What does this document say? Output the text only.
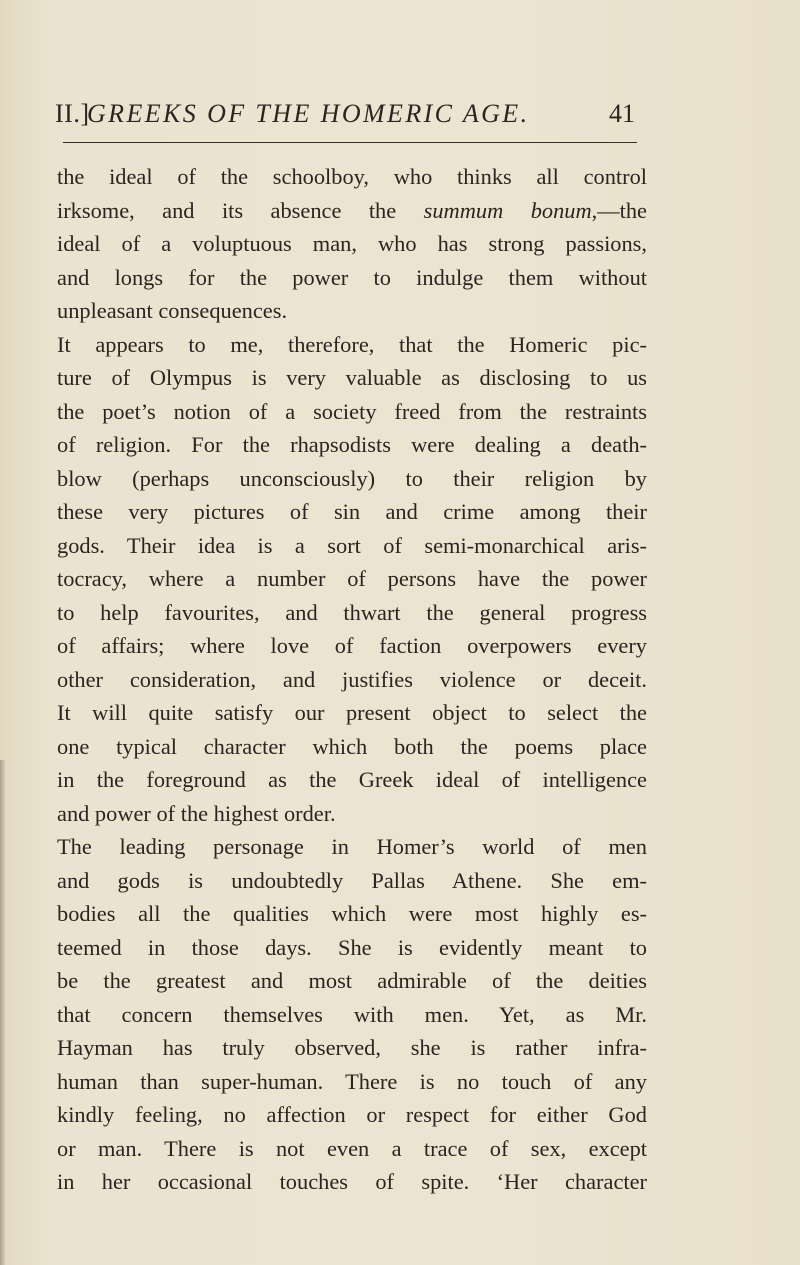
II.]
GREEKS OF THE HOMERIC AGE.	41
the ideal of the schoolboy, who thinks all control
irksome, and its absence the summum bonum,—the
ideal of a voluptuous man, who has strong passions,
and longs for the power to indulge them without
unpleasant consequences.
It appears to me, therefore, that the Homeric pic-
ture of Olympus is very valuable as disclosing to us
the poet’s notion of a society freed from the restraints
of religion. For the rhapsodists were dealing a death-
blow (perhaps unconsciously) to their religion by
these very pictures of sin and crime among their
gods. Their idea is a sort of semi-monarchical aris-
tocracy, where a number of persons have the power
to help favourites, and thwart the general progress
of affairs; where love of faction overpowers every
other consideration, and justifies violence or deceit.
It will quite satisfy our present object to select the
one typical character which both the poems place
in the foreground as the Greek ideal of intelligence
and power of the highest order.
The leading personage in Homer’s world of men
and gods is undoubtedly Pallas Athene. She em-
bodies all the qualities which were most highly es-
teemed in those days. She is evidently meant to
be the greatest and most admirable of the deities
that concern themselves with men. Yet, as Mr.
Hayman has truly observed, she is rather infra-
human than super-human. There is no touch of any
kindly feeling, no affection or respect for either God
or man. There is not even a trace of sex, except
in her occasional touches of spite. ‘Her character
